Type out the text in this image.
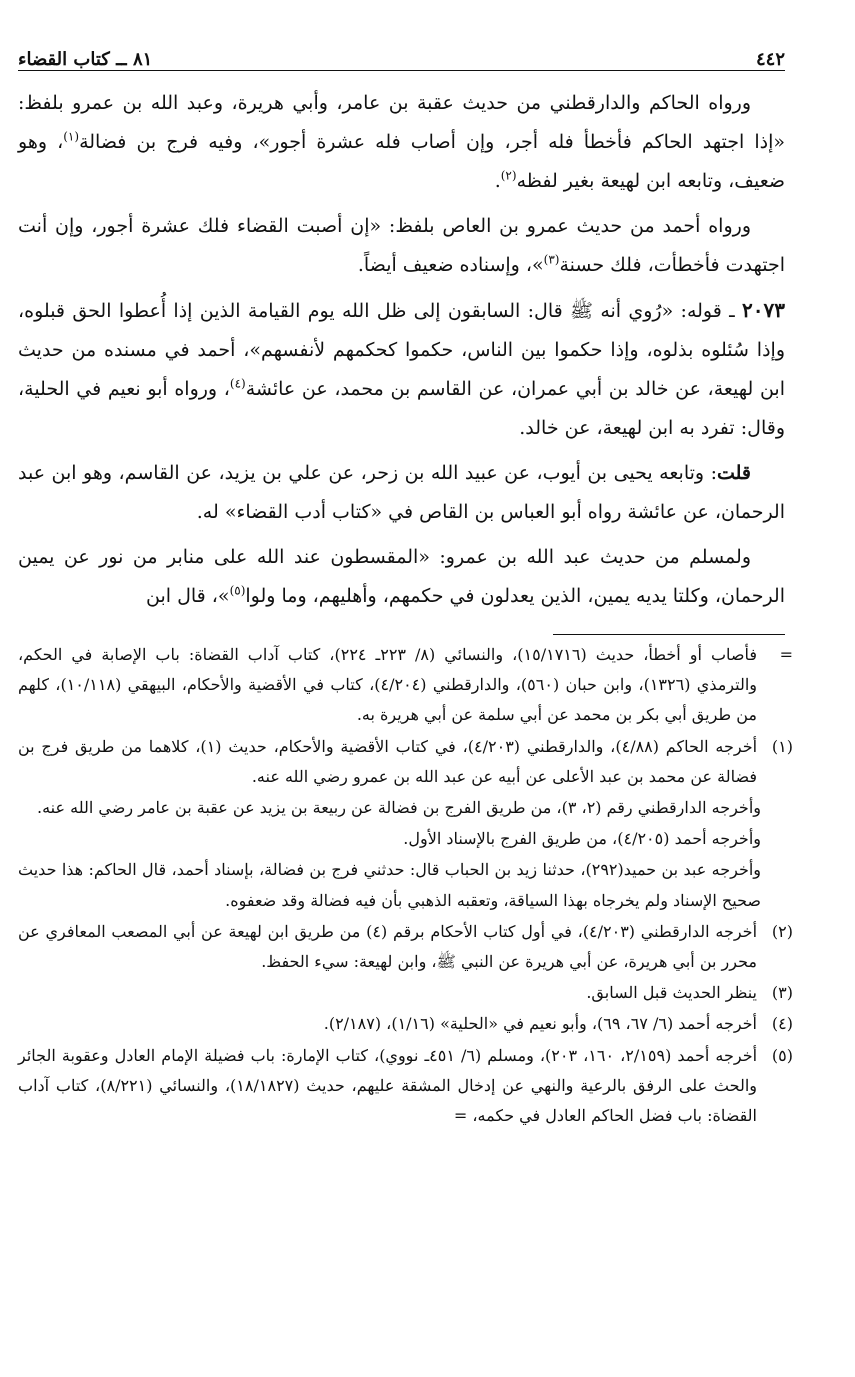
٤٤٢
٨١ ــ كتاب القضاء

ورواه الحاكم والدارقطني من حديث عقبة بن عامر، وأبي هريرة، وعبد الله بن عمرو بلفظ: «إذا اجتهد الحاكم فأخطأ فله أجر، وإن أصاب فله عشرة أجور»، وفيه فرج بن فضالة$^{(١)}$، وهو ضعيف، وتابعه ابن لهيعة بغير لفظه$^{(٢)}$.

ورواه أحمد من حديث عمرو بن العاص بلفظ: «إن أصبت القضاء فلك عشرة أجور، وإن أنت اجتهدت فأخطأت، فلك حسنة$^{(٣)}$»، وإسناده ضعيف أيضاً.

٢٠٧٣ ـ قوله: «رُوي أنه ﷺ قال: السابقون إلى ظل الله يوم القيامة الذين إذا أُعطوا الحق قبلوه، وإذا سُئلوه بذلوه، وإذا حكموا بين الناس، حكموا كحكمهم لأنفسهم»، أحمد في مسنده من حديث ابن لهيعة، عن خالد بن أبي عمران، عن القاسم بن محمد، عن عائشة$^{(٤)}$، ورواه أبو نعيم في الحلية، وقال: تفرد به ابن لهيعة، عن خالد.

قلت: وتابعه يحيى بن أيوب، عن عبيد الله بن زحر، عن علي بن يزيد، عن القاسم، وهو ابن عبد الرحمان، عن عائشة رواه أبو العباس بن القاص في «كتاب أدب القضاء» له.

ولمسلم من حديث عبد الله بن عمرو: «المقسطون عند الله على منابر من نور عن يمين الرحمان، وكلتا يديه يمين، الذين يعدلون في حكمهم، وأهليهم، وما ولوا$^{(٥)}$»، قال ابن

=
فأصاب أو أخطأ، حديث (١٥/١٧١٦)، والنسائي (٨/ ٢٢٣ـ ٢٢٤)، كتاب آداب القضاة: باب الإصابة في الحكم، والترمذي (١٣٢٦)، وابن حبان (٥٦٠)، والدارقطني (٤/٢٠٤)، كتاب في الأقضية والأحكام، البيهقي (١٠/١١٨)، كلهم من طريق أبي بكر بن محمد عن أبي سلمة عن أبي هريرة به.
(١)
أخرجه الحاكم (٤/٨٨)، والدارقطني (٤/٢٠٣)، في كتاب الأقضية والأحكام، حديث (١)، كلاهما من طريق فرج بن فضالة عن محمد بن عبد الأعلى عن أبيه عن عبد الله بن عمرو رضي الله عنه.
وأخرجه الدارقطني رقم (٢، ٣)، من طريق الفرج بن فضالة عن ربيعة بن يزيد عن عقبة بن عامر رضي الله عنه.
وأخرجه أحمد (٤/٢٠٥)، من طريق الفرج بالإسناد الأول.
وأخرجه عبد بن حميد(٢٩٢)، حدثنا زيد بن الحباب قال: حدثني فرج بن فضالة، بإسناد أحمد، قال الحاكم: هذا حديث صحيح الإسناد ولم يخرجاه بهذا السياقة، وتعقبه الذهبي بأن فيه فضالة وقد ضعفوه.
(٢)
أخرجه الدارقطني (٤/٢٠٣)، في أول كتاب الأحكام برقم (٤) من طريق ابن لهيعة عن أبي المصعب المعافري عن محرر بن أبي هريرة، عن أبي هريرة عن النبي ﷺ، وابن لهيعة: سيء الحفظ.
(٣)
ينظر الحديث قبل السابق.
(٤)
أخرجه أحمد (٦/ ٦٧، ٦٩)، وأبو نعيم في «الحلية» (١/١٦)، (٢/١٨٧).
(٥)
أخرجه أحمد (٢/١٥٩، ١٦٠، ٢٠٣)، ومسلم (٦/ ٤٥١ـ نووي)، كتاب الإمارة: باب فضيلة الإمام العادل وعقوبة الجائر والحث على الرفق بالرعية والنهي عن إدخال المشقة عليهم، حديث (١٨/١٨٢٧)، والنسائي (٨/٢٢١)، كتاب آداب القضاة: باب فضل الحاكم العادل في حكمه، =
